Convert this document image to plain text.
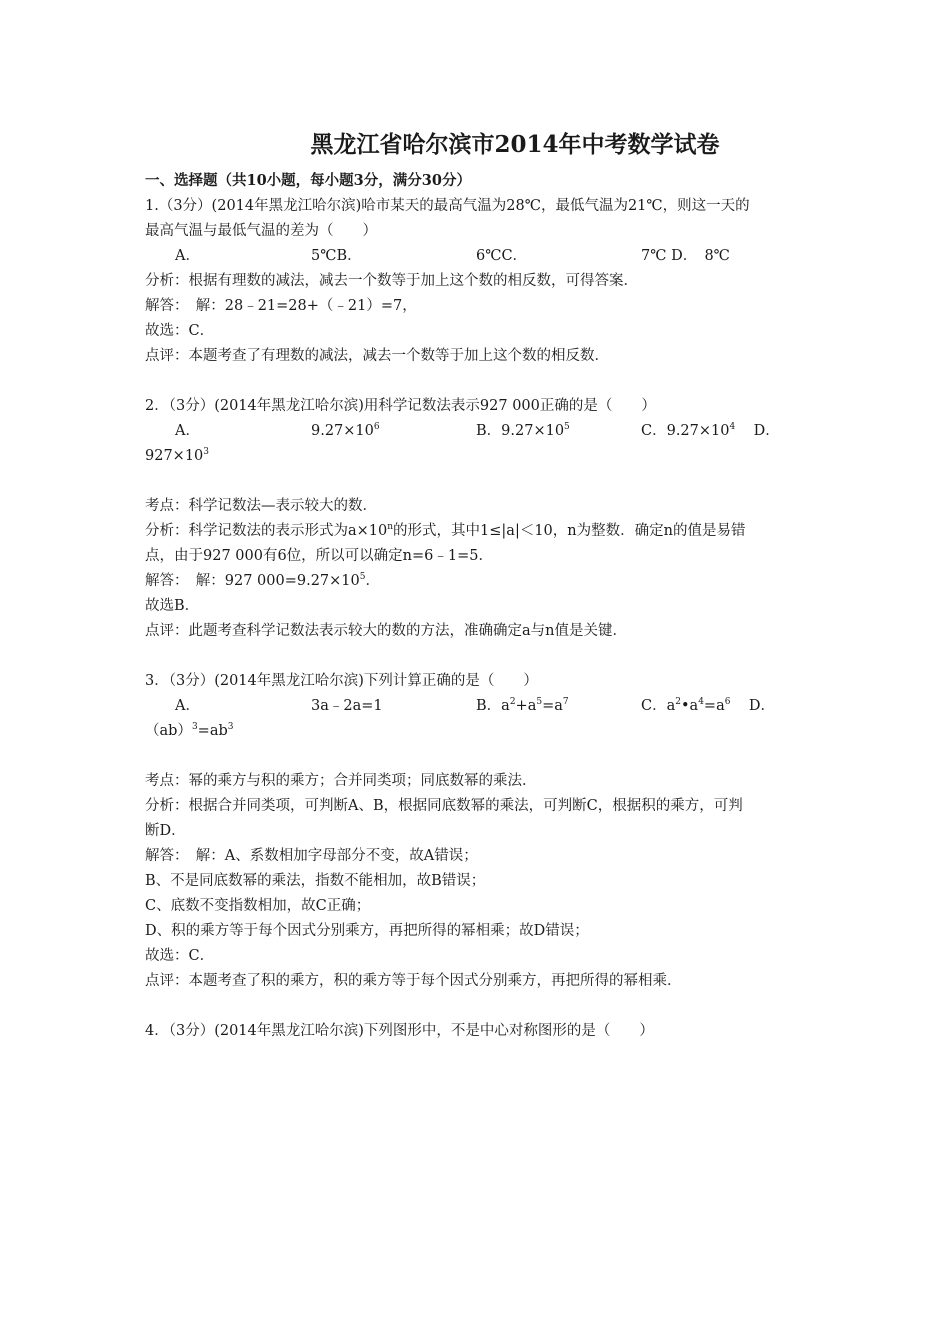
黑龙江省哈尔滨市2014年中考数学试卷
一、选择题（共10小题，每小题3分，满分30分）
1.（3分）(2014年黑龙江哈尔滨)哈市某天的最高气温为28℃，最低气温为21℃，则这一天的
最高气温与最低气温的差为（　　）
A．	5℃B．	6℃C．	7℃ D．　8℃
分析：根据有理数的减法，减去一个数等于加上这个数的相反数，可得答案．
解答：　解：28﹣21=28+（﹣21）=7，
故选：C．
点评：本题考查了有理数的减法，减去一个数等于加上这个数的相反数．
2．（3分）(2014年黑龙江哈尔滨)用科学记数法表示927 000正确的是（　　）
A．	$9.27\times 10^6$	B．$9.27\times 10^5$	C．$9.27\times 10^4$ D．
$927\times 10^3$
考点：科学记数法—表示较大的数．
分析：科学记数法的表示形式为$a\times 10^n$的形式，其中1≤|a|＜10，n为整数．确定n的值是易错
点，由于927 000有6位，所以可以确定n=6﹣1=5．
解答：　解：927 $000=9.27\times 10^5$．
故选B．
点评：此题考查科学记数法表示较大的数的方法，准确确定a与n值是关键．
3．（3分）(2014年黑龙江哈尔滨)下列计算正确的是（　　）
A．	3a﹣2a=1	B．$a^2+a^5=a^7$	C．$a^2•a^4=a^6$ D．
$(ab)^3=ab^3$
考点：幂的乘方与积的乘方；合并同类项；同底数幂的乘法．
分析：根据合并同类项，可判断A、B，根据同底数幂的乘法，可判断C，根据积的乘方，可判
断D．
解答：　解：A、系数相加字母部分不变，故A错误；
B、不是同底数幂的乘法，指数不能相加，故B错误；
C、底数不变指数相加，故C正确；
D、积的乘方等于每个因式分别乘方，再把所得的幂相乘；故D错误；
故选：C．
点评：本题考查了积的乘方，积的乘方等于每个因式分别乘方，再把所得的幂相乘．
4．（3分）(2014年黑龙江哈尔滨)下列图形中，不是中心对称图形的是（　　）
